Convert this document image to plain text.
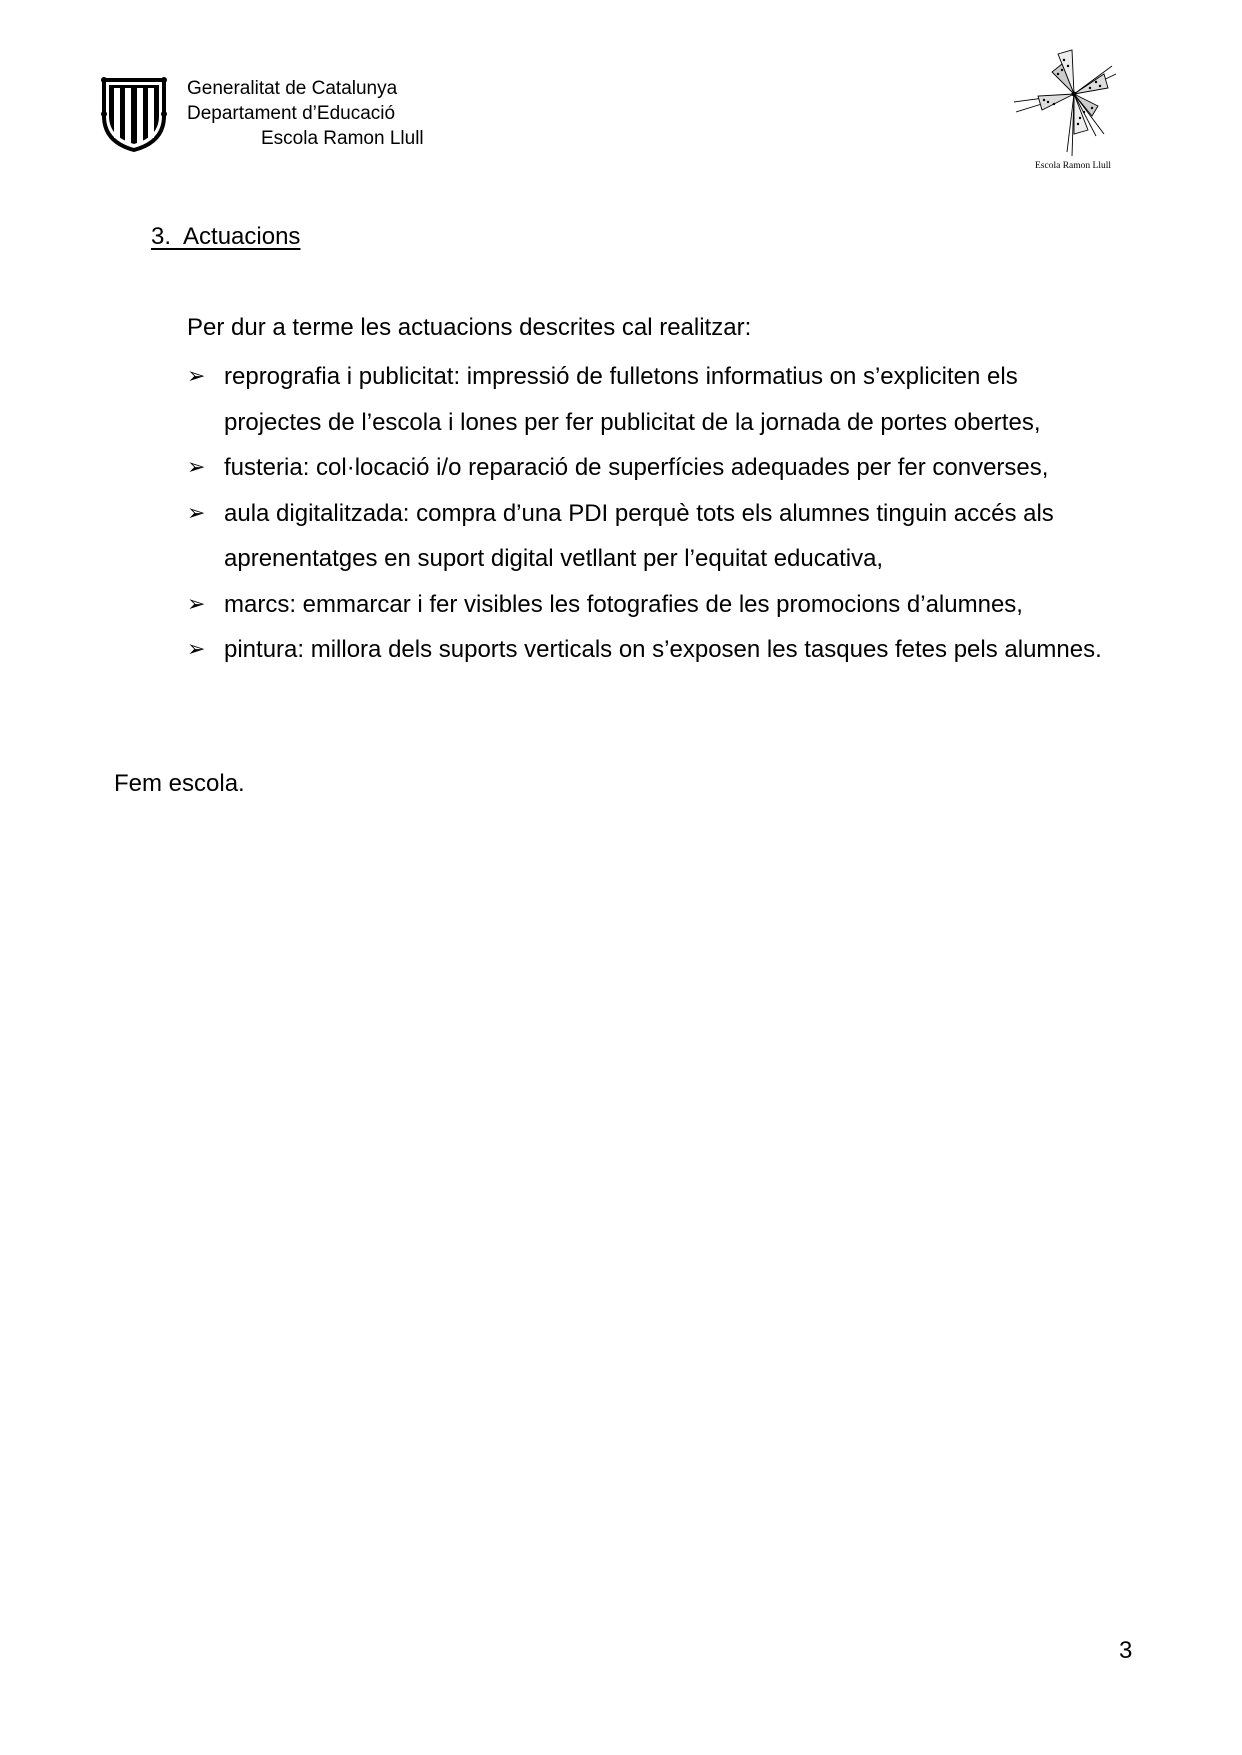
Generalitat de Catalunya
Departament d’Educació
Escola Ramon Llull
Escola Ramon Llull
3.  Actuacions
Per dur a terme les actuacions descrites cal realitzar:
➢ reprografia i publicitat: impressió de fulletons informatius on s’expliciten els projectes de l’escola i lones per fer publicitat de la jornada de portes obertes,
➢ fusteria: col·locació i/o reparació de superfícies adequades per fer converses,
➢ aula digitalitzada: compra d’una PDI perquè tots els alumnes tinguin accés als aprenentatges en suport digital vetllant per l’equitat educativa,
➢ marcs: emmarcar i fer visibles les fotografies de les promocions d’alumnes,
➢ pintura: millora dels suports verticals on s’exposen les tasques fetes pels alumnes.
Fem escola.
3
